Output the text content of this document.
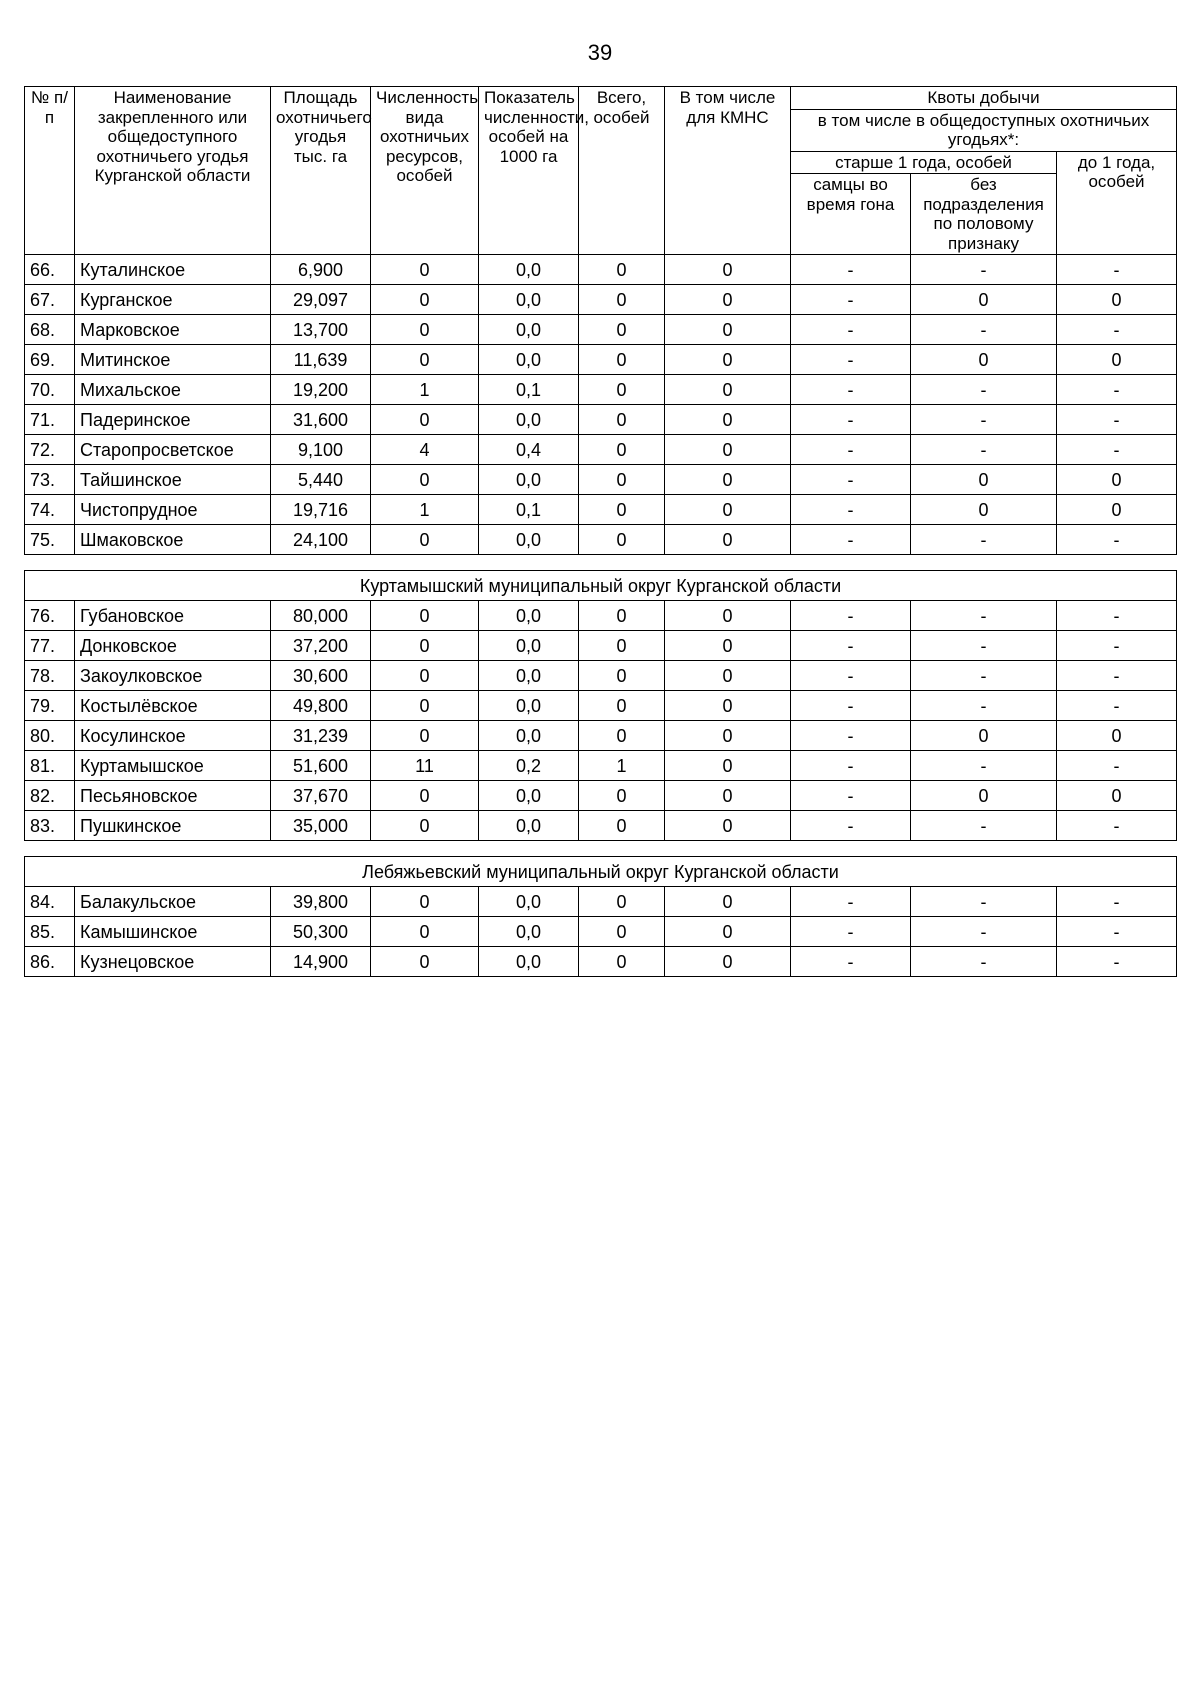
39
№ п/п	Наименование закрепленного или общедоступного охотничьего угодья Курганской области	Площадь охотничьего угодья тыс. га	Численность вида охотничьих ресурсов, особей	Показатель численности, особей на 1000 га	Всего, особей	В том числе для КМНС	Квоты добычи		
							в том числе в общедоступных охотничьих угодьях*:		
							старше 1 года, особей		до 1 года, особей
							самцы во время гона	без подразделения по половому признаку	
66.	Куталинское	6,900	0	0,0	0	0	-	-	-
67.	Курганское	29,097	0	0,0	0	0	-	0	0
68.	Марковское	13,700	0	0,0	0	0	-	-	-
69.	Митинское	11,639	0	0,0	0	0	-	0	0
70.	Михальское	19,200	1	0,1	0	0	-	-	-
71.	Падеринское	31,600	0	0,0	0	0	-	-	-
72.	Старопросветское	9,100	4	0,4	0	0	-	-	-
73.	Тайшинское	5,440	0	0,0	0	0	-	0	0
74.	Чистопрудное	19,716	1	0,1	0	0	-	0	0
75.	Шмаковское	24,100	0	0,0	0	0	-	-	-

Куртамышский муниципальный округ Курганской области									
76.	Губановское	80,000	0	0,0	0	0	-	-	-
77.	Донковское	37,200	0	0,0	0	0	-	-	-
78.	Закоулковское	30,600	0	0,0	0	0	-	-	-
79.	Костылёвское	49,800	0	0,0	0	0	-	-	-
80.	Косулинское	31,239	0	0,0	0	0	-	0	0
81.	Куртамышское	51,600	11	0,2	1	0	-	-	-
82.	Песьяновское	37,670	0	0,0	0	0	-	0	0
83.	Пушкинское	35,000	0	0,0	0	0	-	-	-

Лебяжьевский муниципальный округ Курганской области									
84.	Балакульское	39,800	0	0,0	0	0	-	-	-
85.	Камышинское	50,300	0	0,0	0	0	-	-	-
86.	Кузнецовское	14,900	0	0,0	0	0	-	-	-
